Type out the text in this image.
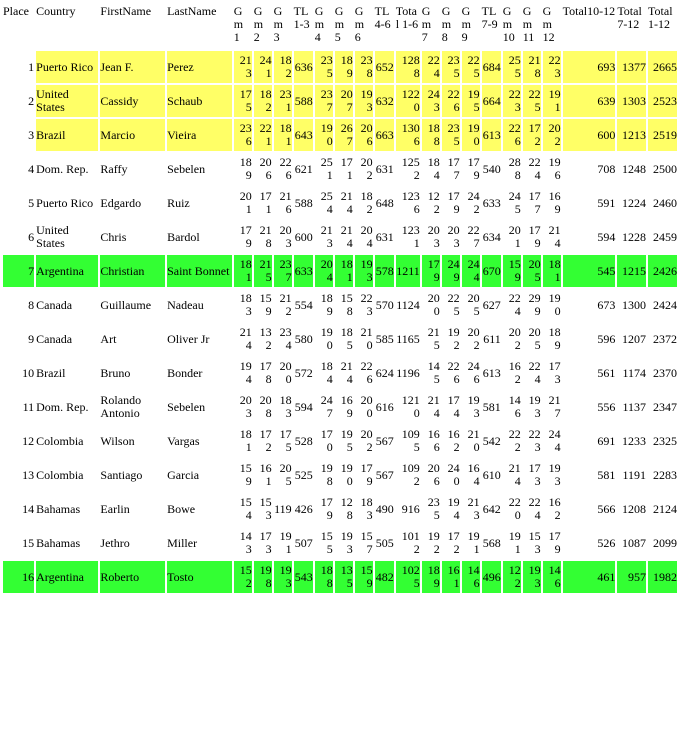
Place	Country	FirstName	LastName	Gm 1	Gm 2	Gm 3	TL 1-3	Gm 4	Gm 5	Gm 6	TL 4-6	Total 1-6	Gm 7	Gm 8	Gm 9	TL 7-9	Gm 10	Gm 11	Gm 12	Total10-12	Total 7-12	Total 1-12
1	Puerto Rico	Jean F.	Perez	213	241	182	636	235	189	238	652	1288	224	235	225	684	255	218	223	693	1377	2665
2	United States	Cassidy	Schaub	175	182	231	588	237	207	193	632	1220	243	226	195	664	223	225	191	639	1303	2523
3	Brazil	Marcio	Vieira	236	221	181	643	190	267	206	663	1306	188	235	190	613	226	172	202	600	1213	2519
4	Dom. Rep.	Raffy	Sebelen	189	206	226	621	251	171	202	631	1252	184	177	179	540	288	224	196	708	1248	2500
5	Puerto Rico	Edgardo	Ruiz	201	171	216	588	254	214	182	648	1236	122	179	242	633	245	177	169	591	1224	2460
6	United States	Chris	Bardol	179	218	203	600	213	214	204	631	1231	203	203	227	634	201	179	214	594	1228	2459
7	Argentina	Christian	Saint Bonnet	181	215	237	633	204	181	193	578	1211	179	249	244	670	159	205	181	545	1215	2426
8	Canada	Guillaume	Nadeau	183	159	212	554	189	158	223	570	1124	200	225	205	627	224	299	190	673	1300	2424
9	Canada	Art	Oliver Jr	214	132	234	580	190	185	210	585	1165	215	192	202	611	202	205	189	596	1207	2372
10	Brazil	Bruno	Bonder	194	178	200	572	184	214	226	624	1196	145	226	246	613	162	224	173	561	1174	2370
11	Dom. Rep.	Rolando Antonio	Sebelen	203	208	183	594	247	169	200	616	1210	214	174	193	581	146	193	217	556	1137	2347
12	Colombia	Wilson	Vargas	181	172	175	528	170	195	202	567	1095	166	162	210	542	222	223	244	691	1233	2325
13	Colombia	Santiago	Garcia	159	161	205	525	198	190	179	567	1092	206	240	164	610	214	173	193	581	1191	2283
14	Bahamas	Earlin	Bowe	154	153	119	426	179	128	183	490	916	235	194	213	642	220	224	162	566	1208	2124
15	Bahamas	Jethro	Miller	143	173	191	507	155	193	157	505	1012	192	172	191	568	191	153	179	526	1087	2099
16	Argentina	Roberto	Tosto	152	198	193	543	188	135	159	482	1025	189	161	146	496	122	193	146	461	957	1982
